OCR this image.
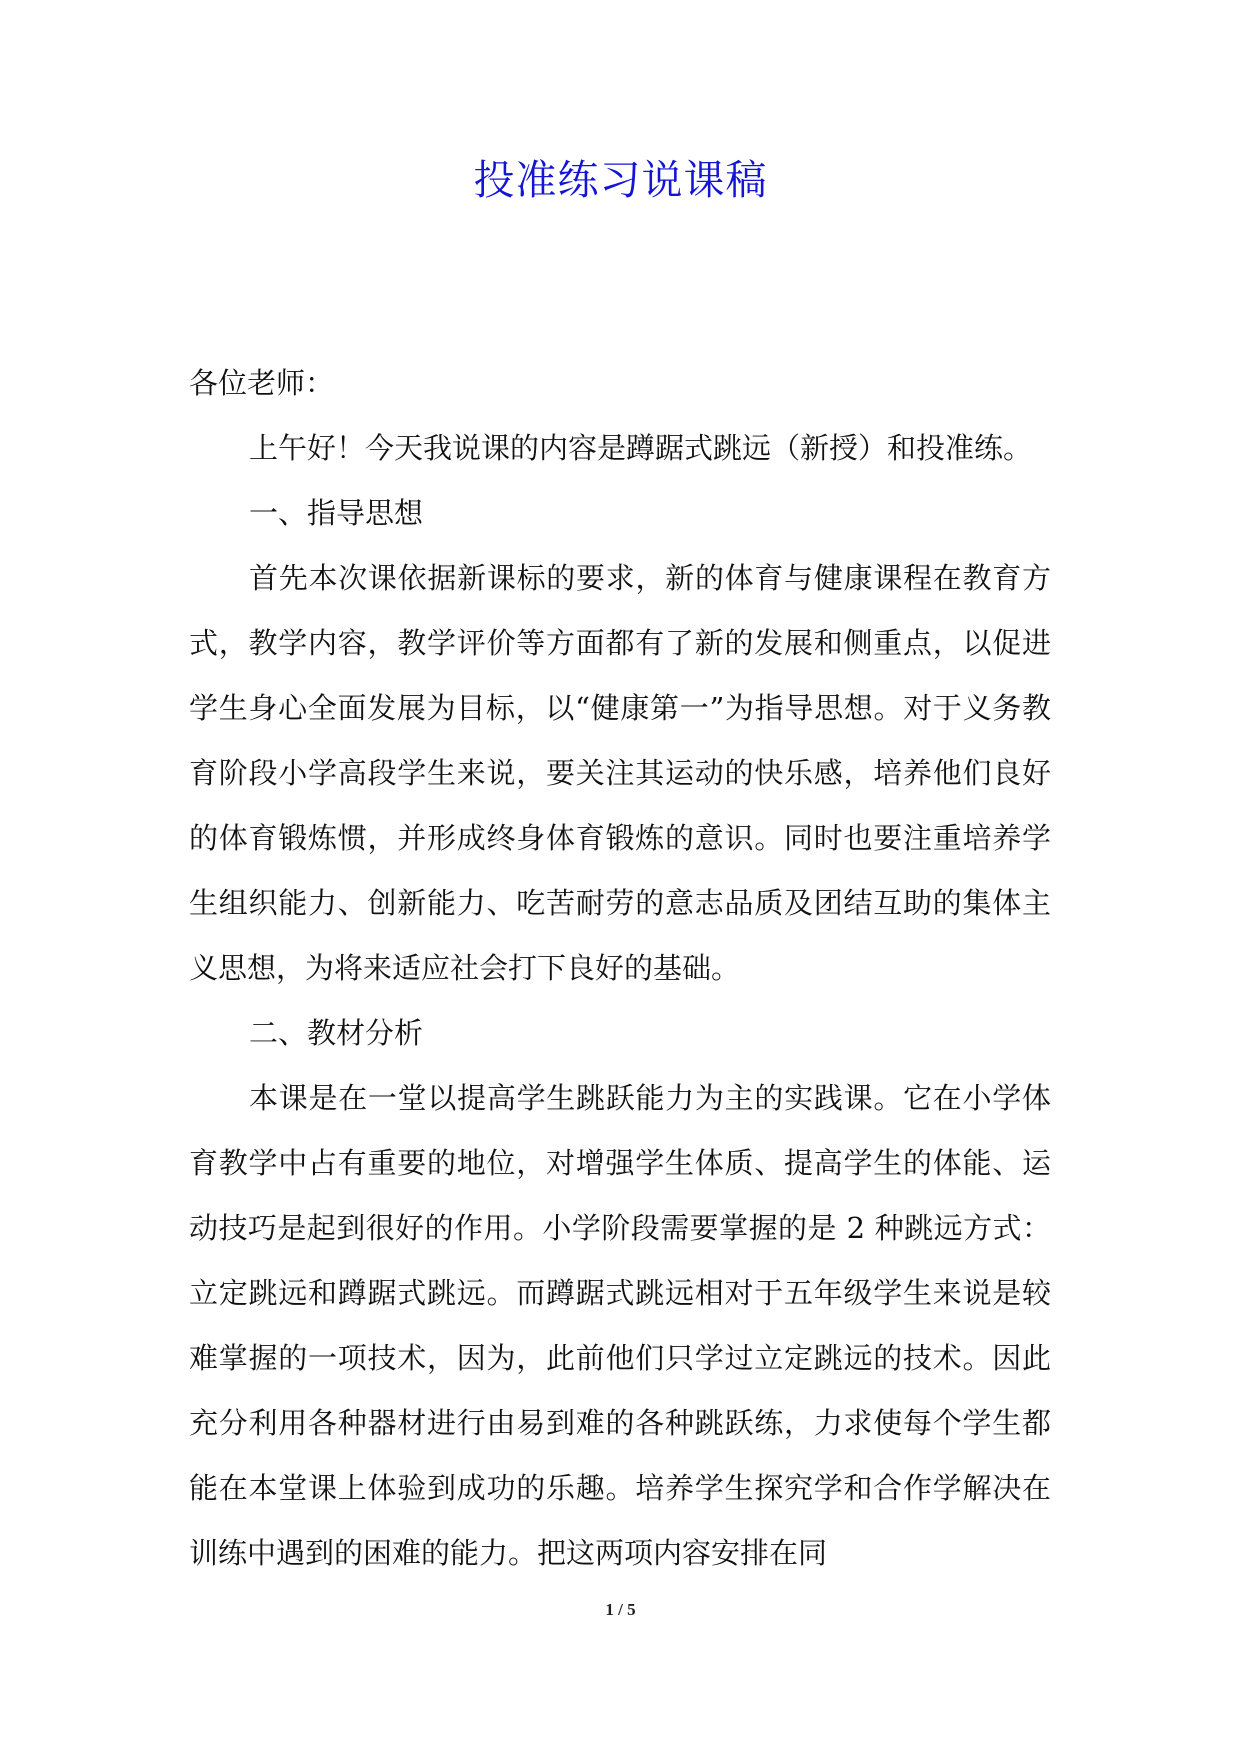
投准练习说课稿

各位老师：

上午好！今天我说课的内容是蹲踞式跳远（新授）和投准练。

一、指导思想

首先本次课依据新课标的要求，新的体育与健康课程在教育方式，教学内容，教学评价等方面都有了新的发展和侧重点，以促进学生身心全面发展为目标，以“健康第一”为指导思想。对于义务教育阶段小学高段学生来说，要关注其运动的快乐感，培养他们良好的体育锻炼惯，并形成终身体育锻炼的意识。同时也要注重培养学生组织能力、创新能力、吃苦耐劳的意志品质及团结互助的集体主义思想，为将来适应社会打下良好的基础。

二、教材分析

本课是在一堂以提高学生跳跃能力为主的实践课。它在小学体育教学中占有重要的地位，对增强学生体质、提高学生的体能、运动技巧是起到很好的作用。小学阶段需要掌握的是 2 种跳远方式：立定跳远和蹲踞式跳远。而蹲踞式跳远相对于五年级学生来说是较难掌握的一项技术，因为，此前他们只学过立定跳远的技术。因此充分利用各种器材进行由易到难的各种跳跃练，力求使每个学生都能在本堂课上体验到成功的乐趣。培养学生探究学和合作学解决在训练中遇到的困难的能力。把这两项内容安排在同

1 / 5
